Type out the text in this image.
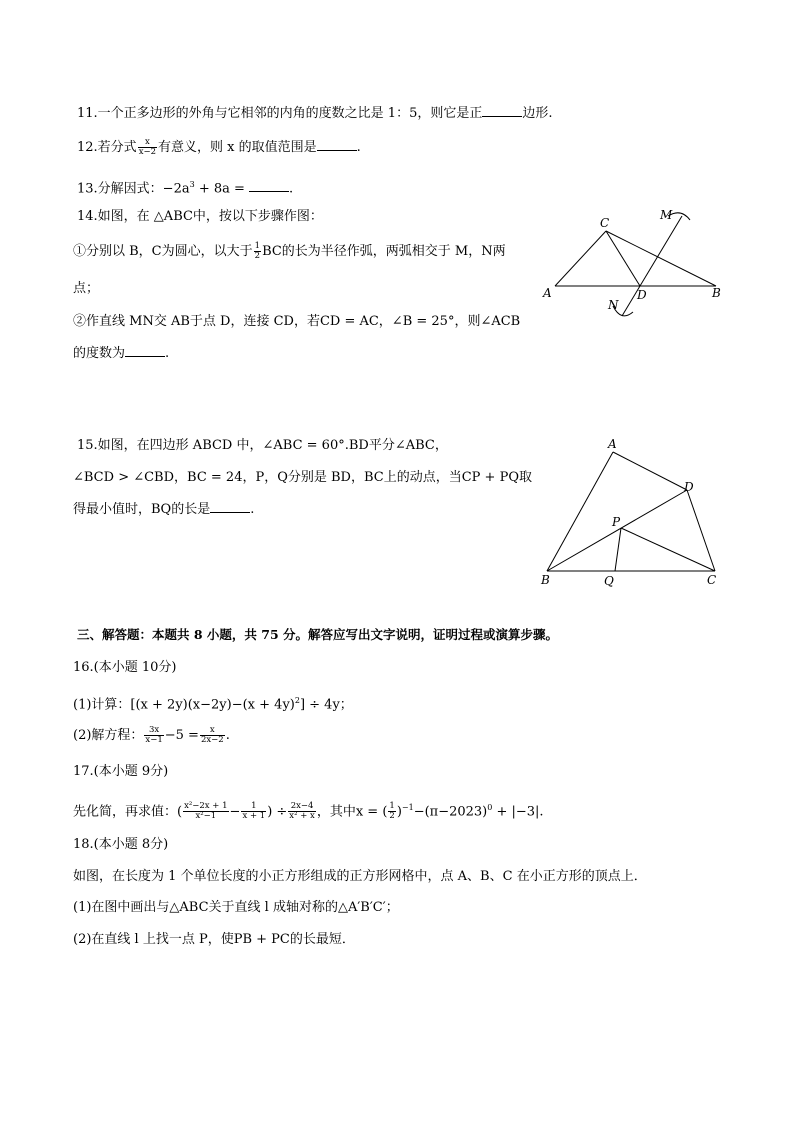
11.一个正多边形的外角与它相邻的内角的度数之比是 1：5，则它是正	边形.
12.若分式 $\frac{x}{x-2}$ 有意义，则 x 的取值范围是	.
13.分解因式：$-2a^3 + 8a$ =	.
14.如图，在 △ABC中，按以下步骤作图：
①分别以 B，C为圆心，以大于 $\frac{1}{2}$ BC的长为半径作弧，两弧相交于 M，N两
点；
②作直线 MN交 AB于点 D，连接 CD，若CD = AC，∠B = 25°，则∠ACB
的度数为	.
C
M
A	D	B
N
15.如图，在四边形 ABCD 中，∠ABC = 60°.BD平分∠ABC，
∠BCD > ∠CBD，BC = 24，P，Q分别是 BD，BC上的动点，当CP + PQ取
得最小值时，BQ的长是	.
A
D
P
B	Q	C
三、解答题：本题共 8 小题，共 75 分。解答应写出文字说明，证明过程或演算步骤。
16.(本小题 10分)
(1)计算：$[(x + 2y)(x-2y)-(x + 4y)^2] \div 4y$；
(2)解方程： $\frac{3x}{x-1} -5 = \frac{x}{2x-2}$ .
17.(本小题 9分)
先化简，再求值：( $\frac{\text{x²−2x + 1}}{\text{x²−1}} - \frac{1}{x + 1}$ ) ÷ $\frac{2x-4}{\text{x² + x}}$ ，其中x = ( $\frac{1}{2} )^{-1}-(\pi-2023)^0 + |-3|$.
18.(本小题 8分)
如图，在长度为 1 个单位长度的小正方形组成的正方形网格中，点 A、B、C 在小正方形的顶点上．
(1)在图中画出与△ABC关于直线 l 成轴对称的△A′B′C′；
(2)在直线 l 上找一点 P，使PB + PC的长最短．
